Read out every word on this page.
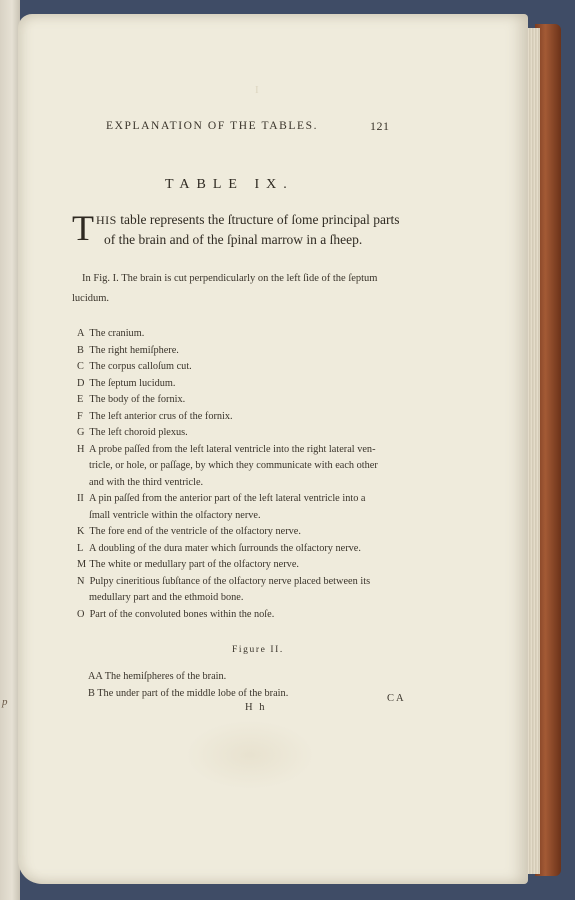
p
I
EXPLANATION OF THE TABLES.	121
TABLE IX.
T HIS table represents the ſtructure of ſome principal parts
of the brain and of the ſpinal marrow in a ſheep.
In Fig. I. The brain is cut perpendicularly on the left ſide of the ſeptum
lucidum.
A The cranium.
B The right hemiſphere.
C The corpus calloſum cut.
D The ſeptum lucidum.
E The body of the fornix.
F The left anterior crus of the fornix.
G The left choroid plexus.
H A probe paſſed from the left lateral ventricle into the right lateral ven-
tricle, or hole, or paſſage, by which they communicate with each other
and with the third ventricle.
II A pin paſſed from the anterior part of the left lateral ventricle into a
ſmall ventricle within the olfactory nerve.
K The fore end of the ventricle of the olfactory nerve.
L A doubling of the dura mater which ſurrounds the olfactory nerve.
M The white or medullary part of the olfactory nerve.
N Pulpy cineritious ſubſtance of the olfactory nerve placed between its
medullary part and the ethmoid bone.
O Part of the convoluted bones within the noſe.
Figure II.
AA The hemiſpheres of the brain.
B The under part of the middle lobe of the brain.
H h
CA
